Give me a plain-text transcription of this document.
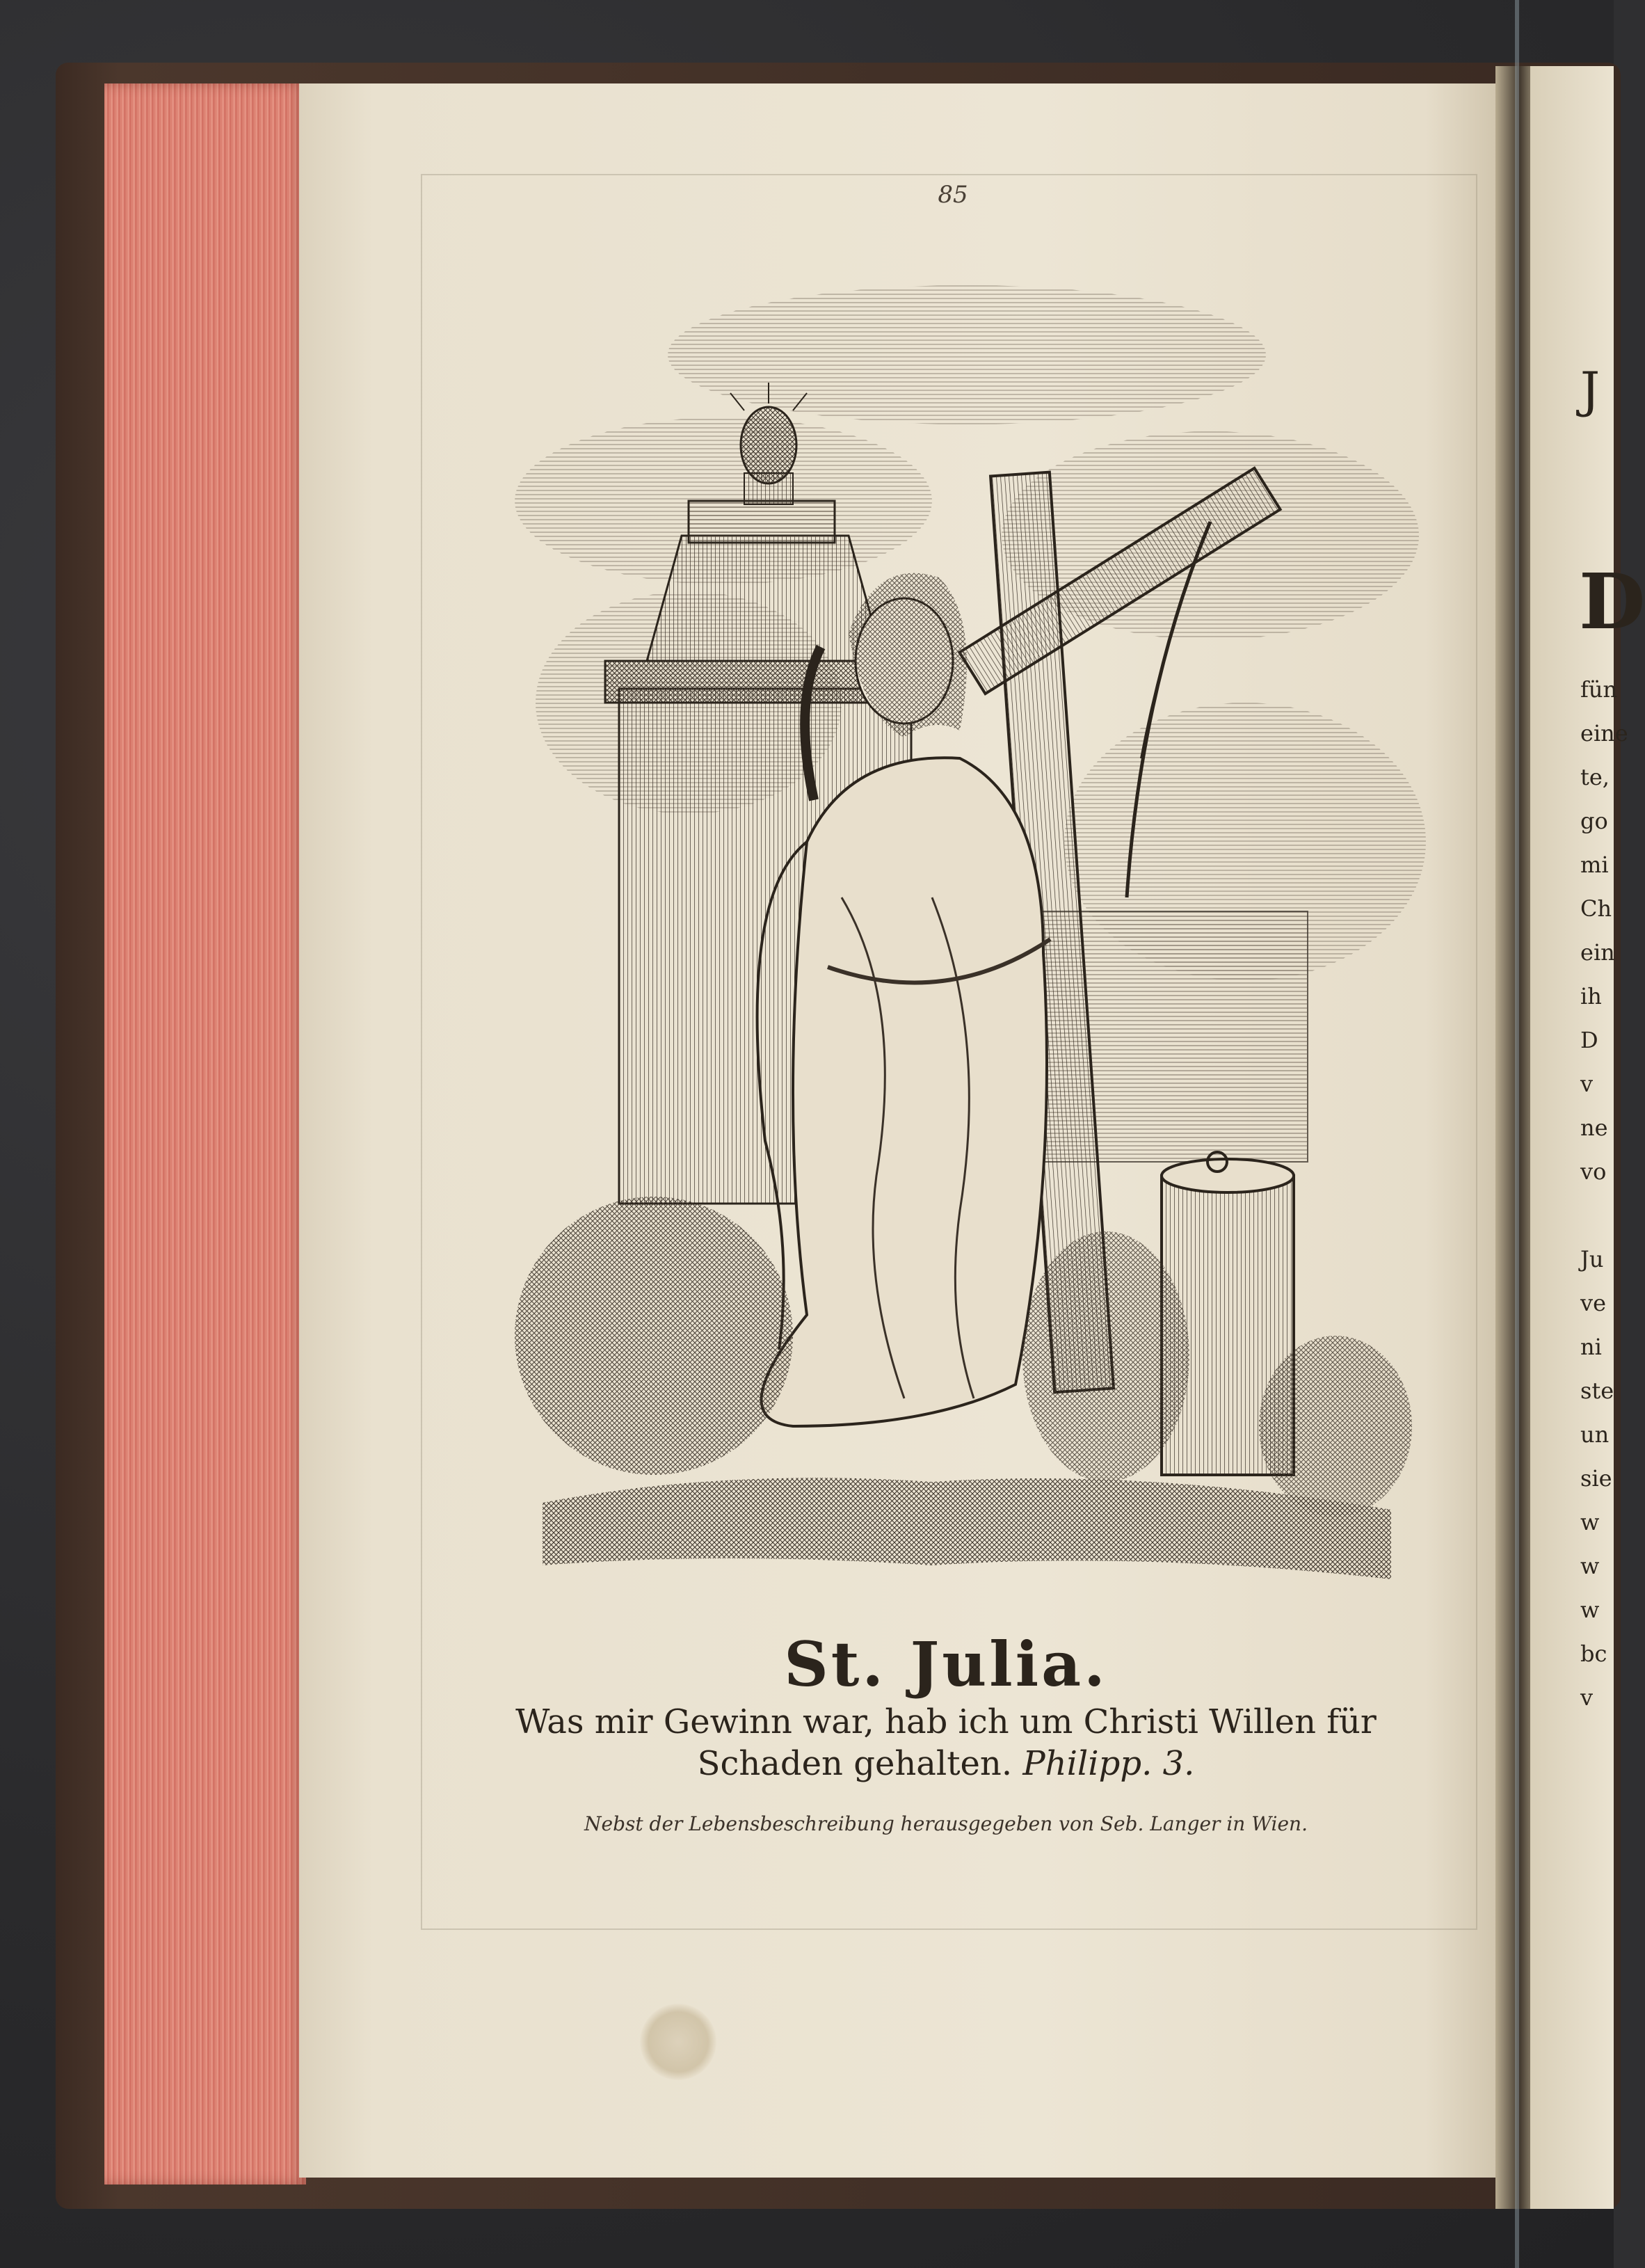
J
D
fün
eine
te,
go
mi
Ch
ein
ih
D
v
ne
vo

Ju
ve
ni
ste
un
sie
w
w
w
bc
v
85
St. Julia.
Was mir Gewinn war, hab ich um Christi Willen für
Schaden gehalten. Philipp. 3.
Nebst der Lebensbeschreibung herausgegeben von Seb. Langer in Wien.
